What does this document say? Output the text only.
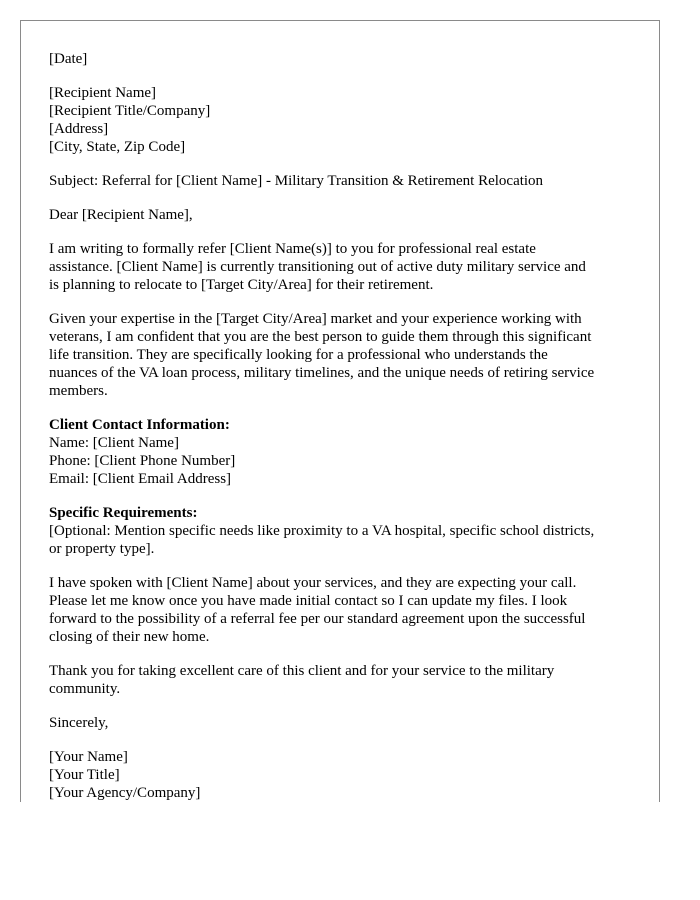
[Date]
[Recipient Name]
[Recipient Title/Company]
[Address]
[City, State, Zip Code]
Subject: Referral for [Client Name] - Military Transition & Retirement Relocation
Dear [Recipient Name],
I am writing to formally refer [Client Name(s)] to you for professional real estate
assistance. [Client Name] is currently transitioning out of active duty military service and
is planning to relocate to [Target City/Area] for their retirement.
Given your expertise in the [Target City/Area] market and your experience working with
veterans, I am confident that you are the best person to guide them through this significant
life transition. They are specifically looking for a professional who understands the
nuances of the VA loan process, military timelines, and the unique needs of retiring service
members.
Client Contact Information:
Name: [Client Name]
Phone: [Client Phone Number]
Email: [Client Email Address]
Specific Requirements:
[Optional: Mention specific needs like proximity to a VA hospital, specific school districts,
or property type].
I have spoken with [Client Name] about your services, and they are expecting your call.
Please let me know once you have made initial contact so I can update my files. I look
forward to the possibility of a referral fee per our standard agreement upon the successful
closing of their new home.
Thank you for taking excellent care of this client and for your service to the military
community.
Sincerely,
[Your Name]
[Your Title]
[Your Agency/Company]
